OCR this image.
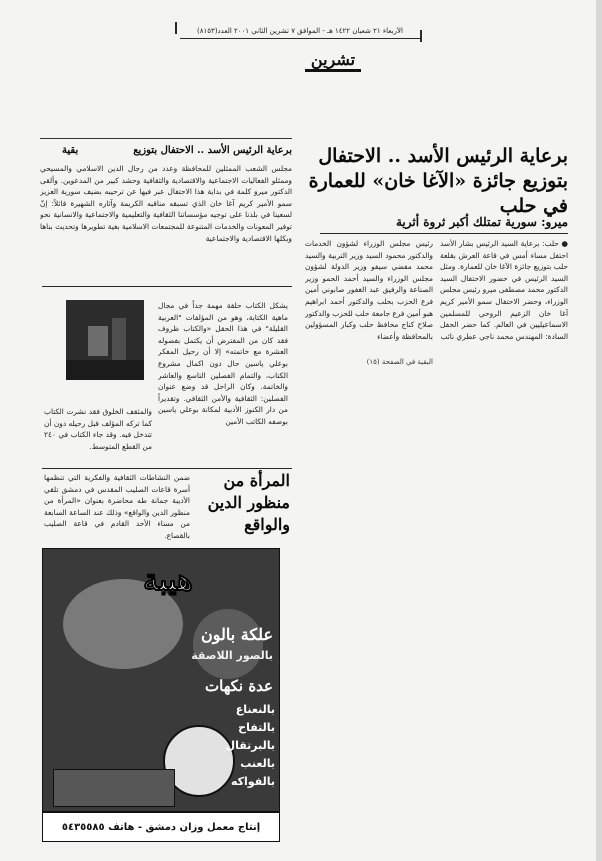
الأربعاء ٢١ شعبان ١٤٢٢ هـ - الموافق ٧ تشرين الثاني ٢٠٠١ العدد(٨١٥٣)
تشرين
برعاية الرئيس الأسد .. الاحتفال بتوزيع جائزة «الآغا خان» للعمارة في حلب
ميرو: سورية تمتلك أكبر ثروة أثرية
● حلب: برعاية السيد الرئيس بشار الأسد احتفل مساء أمس في قاعة العرش بقلعة حلب بتوزيع جائزة الآغا خان للعمارة. ومثل السيد الرئيس في حضور الاحتفال السيد الدكتور محمد مصطفى ميرو رئيس مجلس الوزراء، وحضر الاحتفال سمو الأمير كريم آغا خان الزعيم الروحي للمسلمين الاسماعيليين في العالم. كما حضر الحفل السادة: المهندس محمد ناجي عطري نائب
رئيس مجلس الوزراء لشؤون الخدمات والدكتور محمود السيد وزير التربية والسيد محمد مفضي سيفو وزير الدولة لشؤون مجلس الوزراء والسيد أحمد الحمو وزير الصناعة والرفيق عبد الغفور صابوني أمين فرع الحزب بحلب والدكتور أحمد ابراهيم هبو أمين فرع جامعة حلب للحزب والدكتور صلاح كناج محافظ حلب وكبار المسؤولين بالمحافظة وأعضاء
البقية في الصفحة (١٥)
برعاية الرئيس الأسد .. الاحتفال بتوزيع
بقية
مجلس الشعب الممثلين للمحافظة وعدد من رجال الدين الاسلامي والمسيحي وممثلو الفعاليات الاجتماعية والاقتصادية والثقافية وحشد كبير من المدعوين. وألقى الدكتور ميرو كلمة في بداية هذا الاحتفال عبر فيها عن ترحيبه بضيف سورية العزيز سمو الأمير كريم آغا خان الذي تسبقه مناقبه الكريمة وآثاره الشهيرة قائلاً: إنّ لسعينا في بلدنا على توجيه مؤسساتنا الثقافية والتعليمية والاجتماعية والانسانية نحو توفير المعونات والخدمات المتنوعة للمجتمعات الاسلامية بغية تطويرها وتحديث بناها وبكلها الاقتصادية والاجتماعية
يشكل الكتاب حلقة مهمة جداً في مجال ماهية الكتابة، وهو من المؤلفات "العربية القليلة" في هذا الحقل «والكتاب ظروف فقد كان من المفترض أن يكتمل بفصوله العشرة مع خاتمته» إلا أن رحيل المفكر بوعلي ياسين حال دون اكمال مشروع الكتاب، والتمام الفصلين التاسع والعاشر والخاتمة. وكان الراحل قد وضع عنوان الفصلين: الثقافية والأمن الثقافي. وتقديراً من دار الكنوز الأدبية لمكانة بوعلي ياسين بوصفه الكاتب الأمين
والمثقف الخلوق فقد نشرت الكتاب كما تركه المؤلف قبل رحيله دون أن تتدخل فيه. وقد جاء الكتاب في ٢٤٠ من القطع المتوسط.
المرأة من
منظور الدين
والواقع
ضمن النشاطات الثقافية والفكرية التي تنظمها أسرة قاعات الصليب المقدس في دمشق تلقي الأديبة جمانة طه محاضرة بعنوان «المرأة من منظور الدين والواقع» وذلك عند الساعة السابعة من مساء الأحد القادم في قاعة الصليب بالقصاع.
هيبة
علكة بالون
بالصور اللاصقة
عدة نكهات
بالنعناع
بالتفاح
بالبرتقال
بالعنب
بالفواكه
إنتاج معمل وزان دمشق - هاتف ٥٤٣٥٥٨٥
